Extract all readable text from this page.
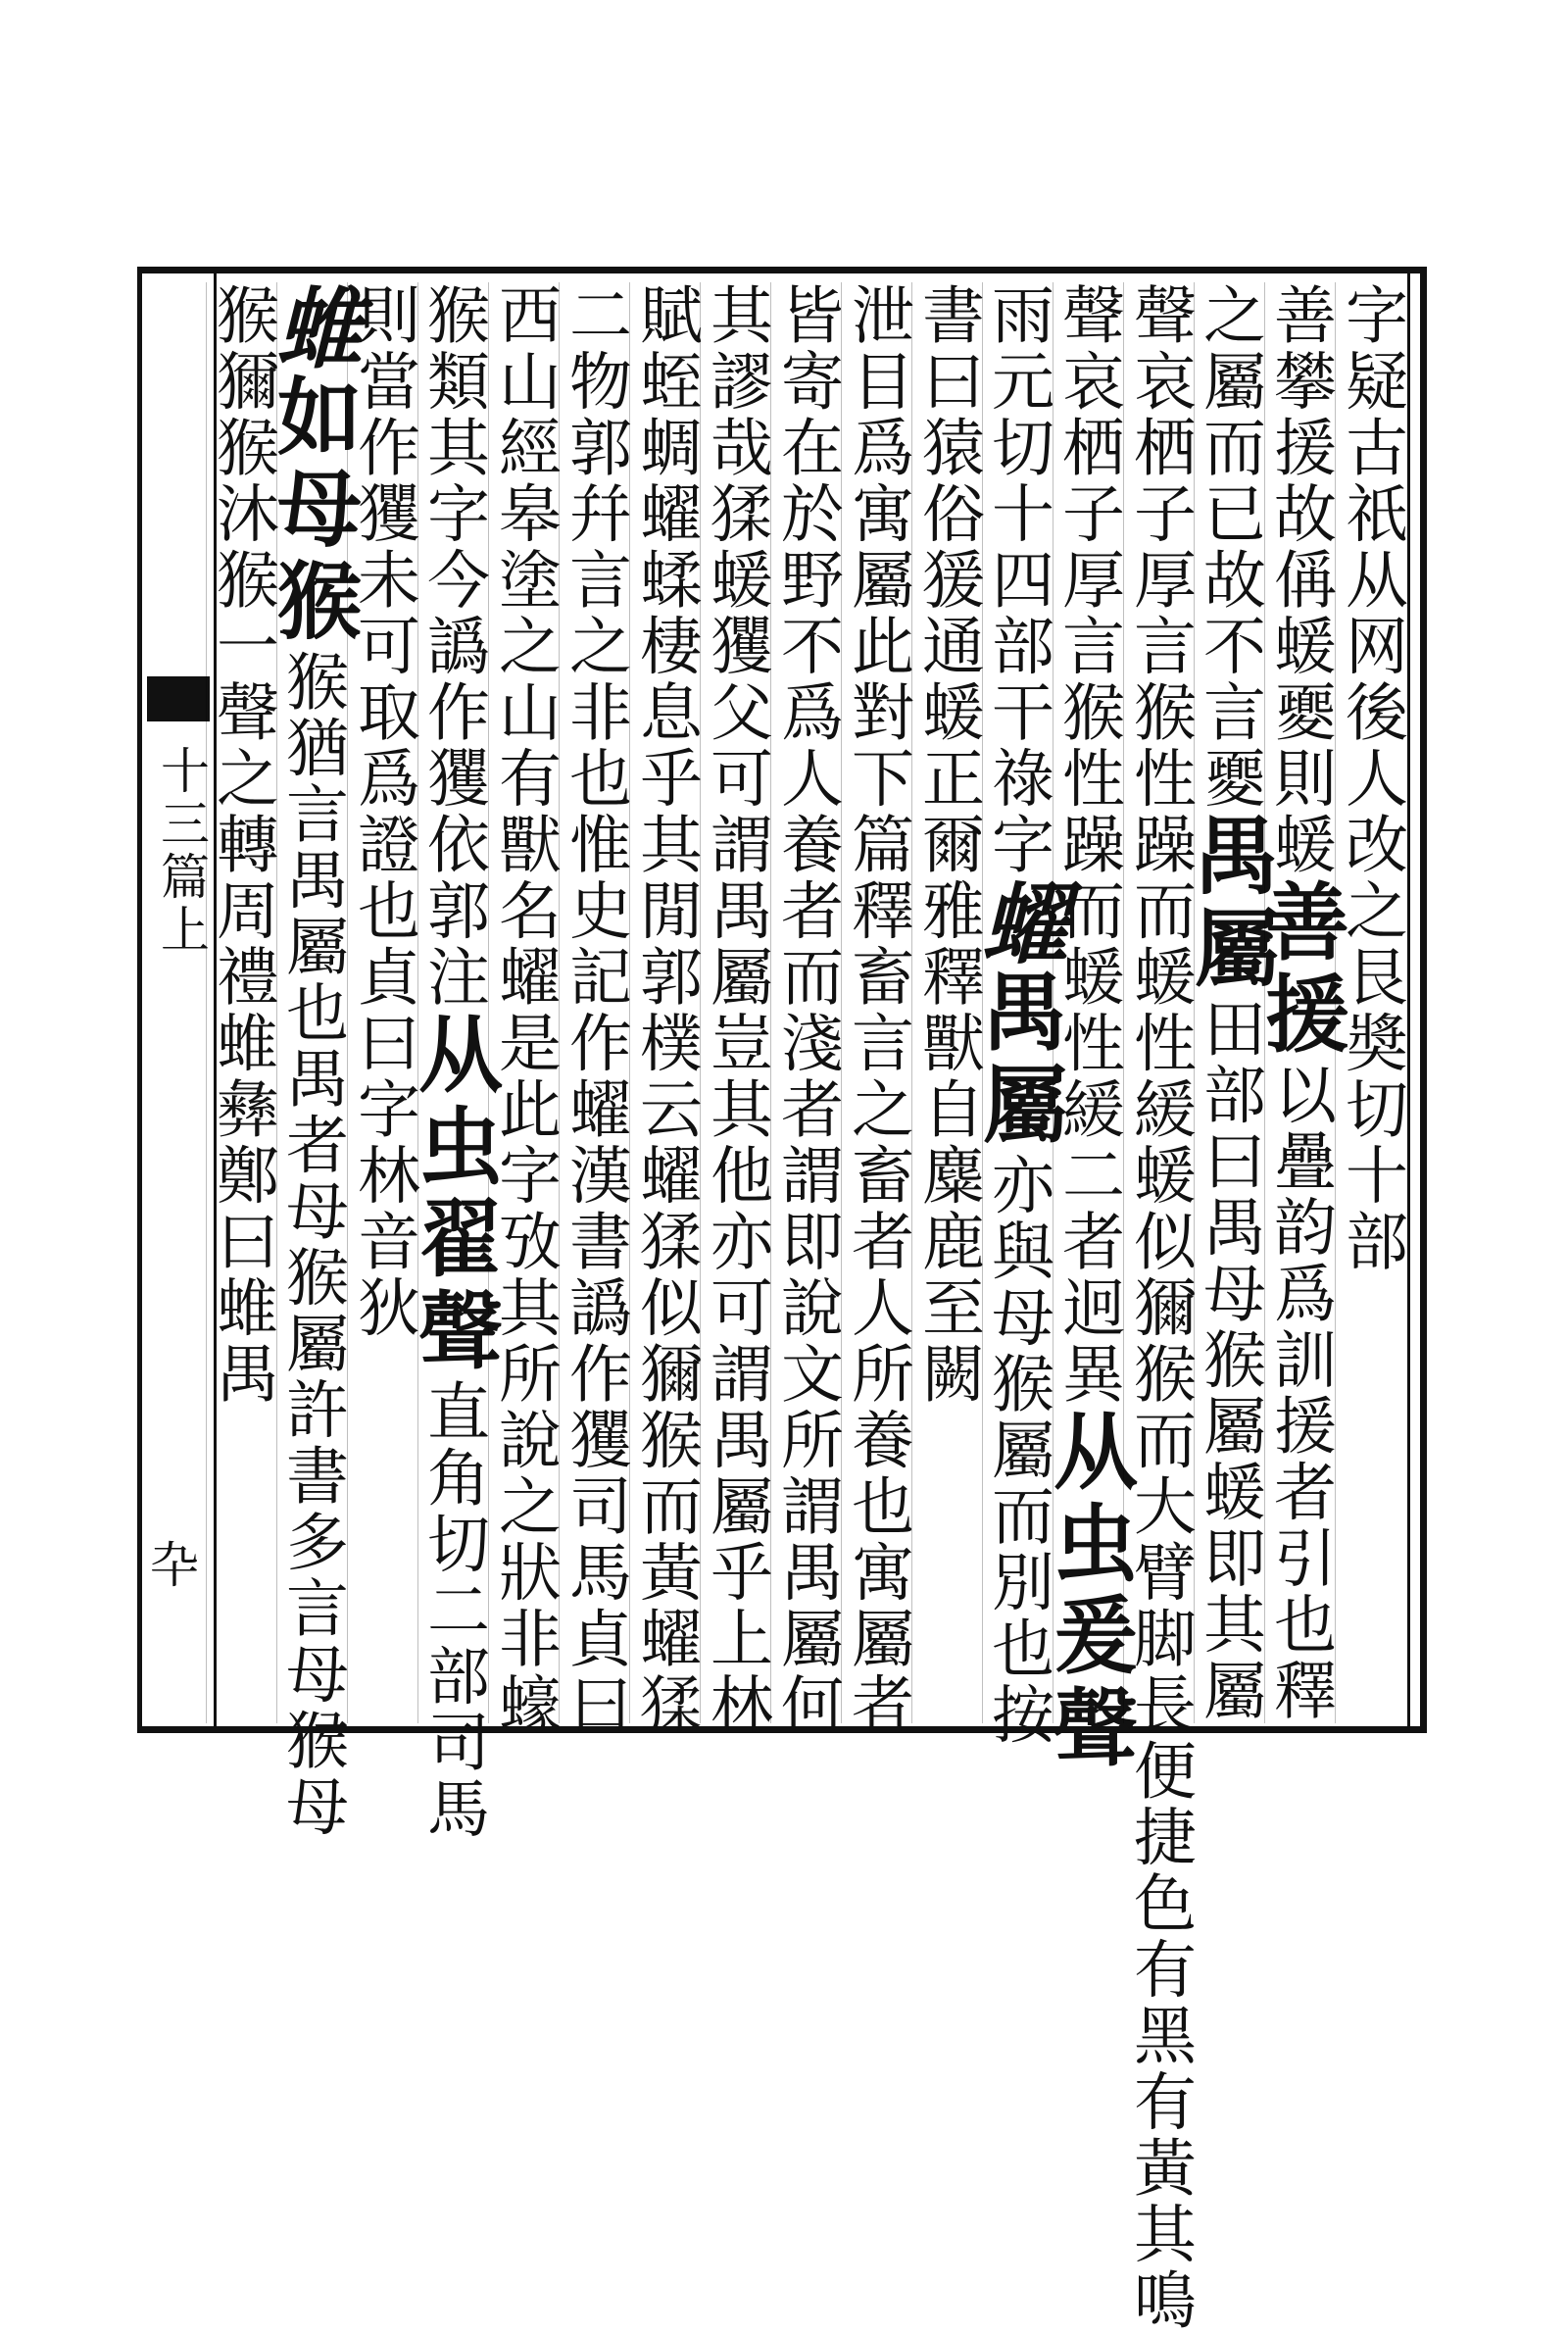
十三篇上
卆
字疑古祇从网後人改之艮奬切十部
善攀援故偁蝯夒則蝯善援以疊韵爲訓援者引也釋
之屬而已故不言夒禺屬田部曰禺母猴屬蝯即其屬
聲哀栖子厚言猴性躁而蝯性緩蝯似獮猴而大臂脚長便捷色有黑有黃其鳴
聲哀栖子厚言猴性躁而蝯性緩二者迥異从虫爰聲
雨元切十四部干祿字蠗禺屬亦與母猴屬而別也按
書曰猿俗猨通蝯正爾雅釋獸自麋鹿至闕
泄目爲寓屬此對下篇釋畜言之畜者人所養也寓屬者
皆寄在於野不爲人養者而淺者謂即說文所謂禺屬何
其謬哉猱蝯玃父可謂禺屬豈其他亦可謂禺屬乎上林
賦蛭蜩蠗蝚棲息乎其閒郭樸云蠗猱似獮猴而黃蠗猱
二物郭幷言之非也惟史記作蠗漢書譌作玃司馬貞曰
西山經皋塗之山有獸名蠗是此字攷其所說之狀非蠔
猴類其字今譌作玃依郭注从虫翟聲直角切二部司馬
則當作玃未可取爲證也貞曰字林音狄
蜼如母猴猴猶言禺屬也禺者母猴屬許書多言母猴母
猴獮猴沐猴一聲之轉周禮蜼彝鄭曰蜼禺
